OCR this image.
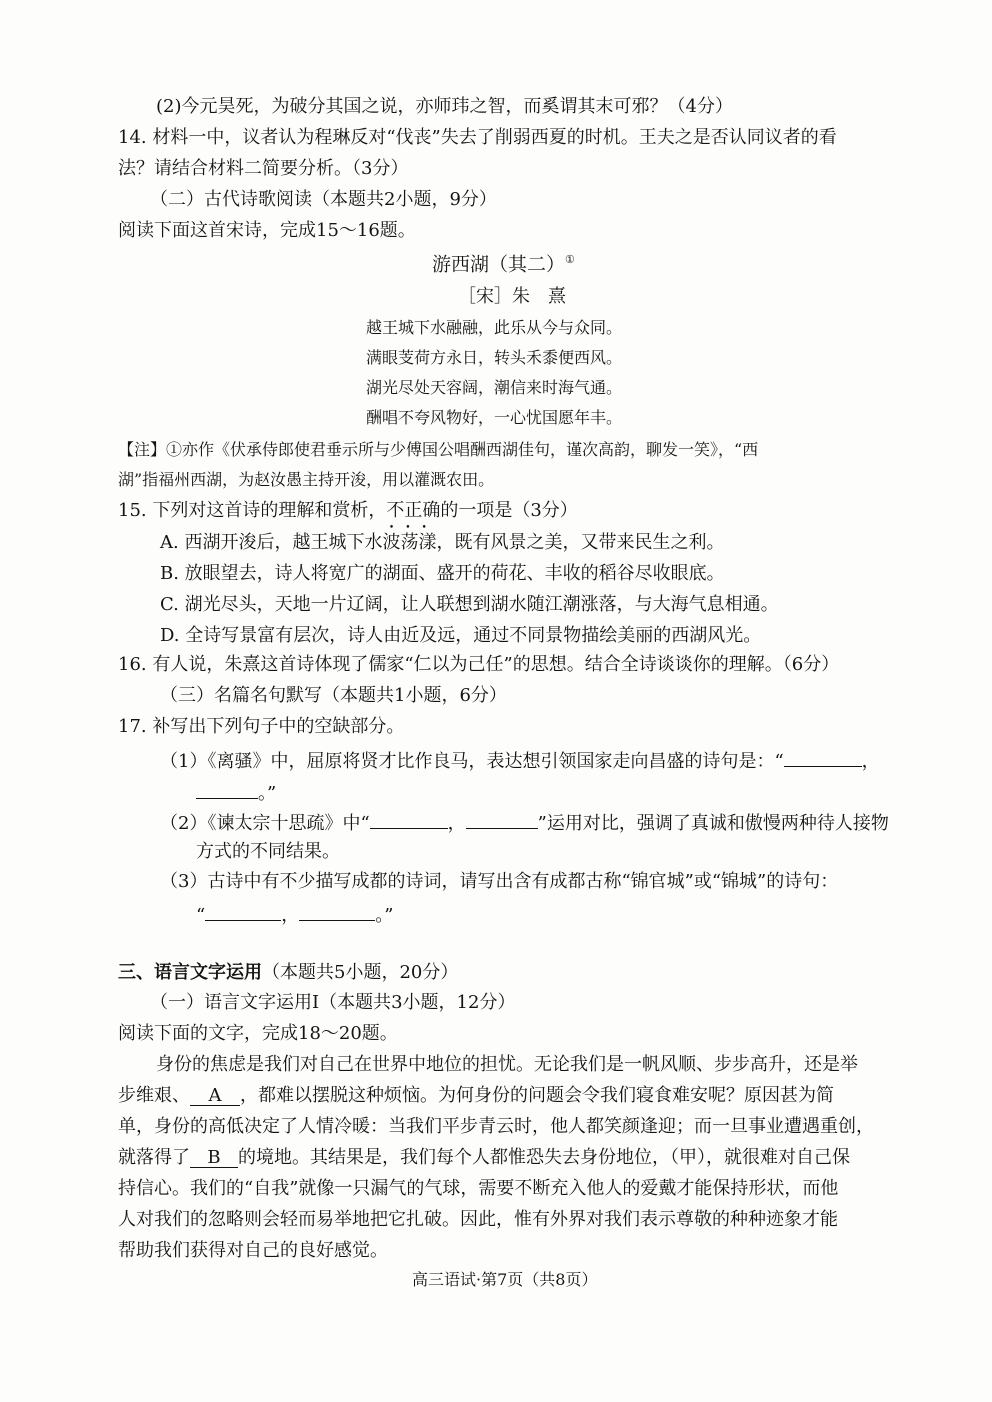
(2)今元昊死，为破分其国之说，亦师玮之智，而奚谓其末可邪？（4分）
14. 材料一中，议者认为程琳反对“伐丧”失去了削弱西夏的时机。王夫之是否认同议者的看
法？请结合材料二简要分析。（3分）
（二）古代诗歌阅读（本题共2小题，9分）
阅读下面这首宋诗，完成15～16题。
游西湖（其二）①
［宋］朱　熹
越王城下水融融，此乐从今与众同。
满眼芰荷方永日，转头禾黍便西风。
湖光尽处天容阔，潮信来时海气通。
酬唱不夸风物好，一心忧国愿年丰。
【注】①亦作《伏承侍郎使君垂示所与少傅国公唱酬西湖佳句，谨次高韵，聊发一笑》，“西
湖”指福州西湖，为赵汝愚主持开浚，用以灌溉农田。
15. 下列对这首诗的理解和赏析，不正确
•••
的一项是（3分）
A. 西湖开浚后，越王城下水波荡漾，既有风景之美，又带来民生之利。
B. 放眼望去，诗人将宽广的湖面、盛开的荷花、丰收的稻谷尽收眼底。
C. 湖光尽头，天地一片辽阔，让人联想到湖水随江潮涨落，与大海气息相通。
D. 全诗写景富有层次，诗人由近及远，通过不同景物描绘美丽的西湖风光。
16. 有人说，朱熹这首诗体现了儒家“仁以为己任”的思想。结合全诗谈谈你的理解。（6分）
（三）名篇名句默写（本题共1小题，6分）
17. 补写出下列句子中的空缺部分。
（1）《离骚》中，屈原将贤才比作良马，表达想引领国家走向昌盛的诗句是：“	，
。”
（2）《谏太宗十思疏》中“	，	”运用对比，强调了真诚和傲慢两种待人接物
方式的不同结果。
（3）古诗中有不少描写成都的诗词，请写出含有成都古称“锦官城”或“锦城”的诗句：
“	，	。”
三、语言文字运用（本题共5小题，20分）
（一）语言文字运用Ⅰ（本题共3小题，12分）
阅读下面的文字，完成18～20题。
身份的焦虑是我们对自己在世界中地位的担忧。无论我们是一帆风顺、步步高升，还是举
步维艰、 A ，都难以摆脱这种烦恼。为何身份的问题会令我们寝食难安呢？原因甚为简
单，身份的高低决定了人情冷暖：当我们平步青云时，他人都笑颜逢迎；而一旦事业遭遇重创，
就落得了 B 的境地。其结果是，我们每个人都惟恐失去身份地位，（甲），就很难对自己保
持信心。我们的“自我”就像一只漏气的气球，需要不断充入他人的爱戴才能保持形状，而他
人对我们的忽略则会轻而易举地把它扎破。因此，惟有外界对我们表示尊敬的种种迹象才能
帮助我们获得对自己的良好感觉。
高三语试·第7页（共8页）
